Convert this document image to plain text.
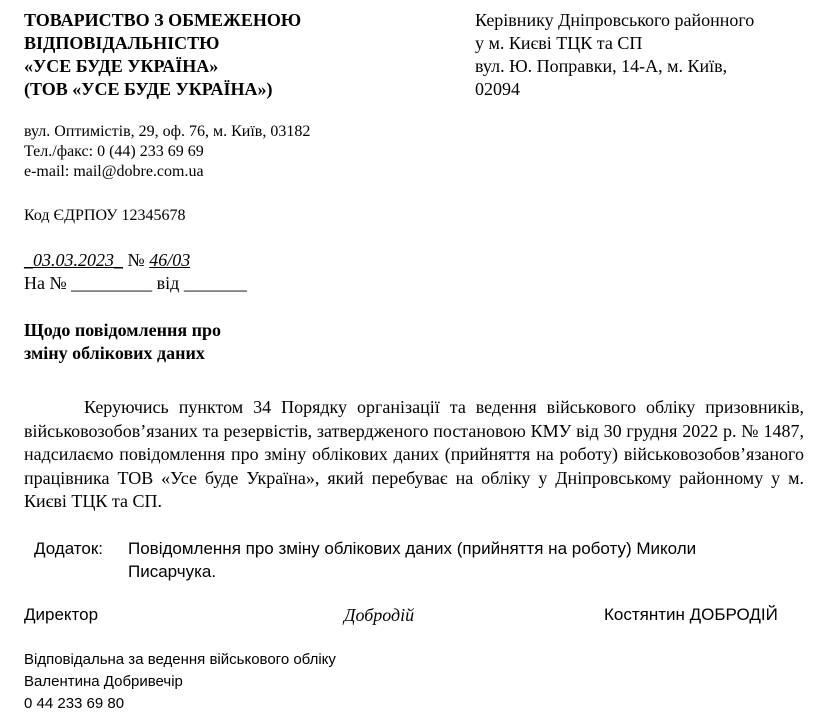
ТОВАРИСТВО З ОБМЕЖЕНОЮ
ВІДПОВІДАЛЬНІСТЮ
«УСЕ БУДЕ УКРАЇНА»
(ТОВ «УСЕ БУДЕ УКРАЇНА»)
вул. Оптимістів, 29, оф. 76, м. Київ, 03182
Тел./факс: 0 (44) 233 69 69
e-mail: mail@dobre.com.ua
Код ЄДРПОУ 12345678
Керівнику Дніпровського районного
у м. Києві ТЦК та СП
вул. Ю. Поправки, 14-А, м. Київ,
02094
_03.03.2023_ № 46/03
На № _________ від _______
Щодо повідомлення про
зміну облікових даних
Керуючись пунктом 34 Порядку організації та ведення військового обліку призовників, військовозобов’язаних та резервістів, затвердженого постановою КМУ від 30 грудня 2022 р. № 1487, надсилаємо повідомлення про зміну облікових даних (прийняття на роботу) військовозобов’язаного працівника ТОВ «Усе буде Україна», який перебуває на обліку у Дніпровському районному у м. Києві ТЦК та СП.
Додаток: Повідомлення про зміну облікових даних (прийняття на роботу) Миколи Писарчука.
Директор	Добродій	Костянтин ДОБРОДІЙ
Відповідальна за ведення військового обліку
Валентина Добривечір
0 44 233 69 80
